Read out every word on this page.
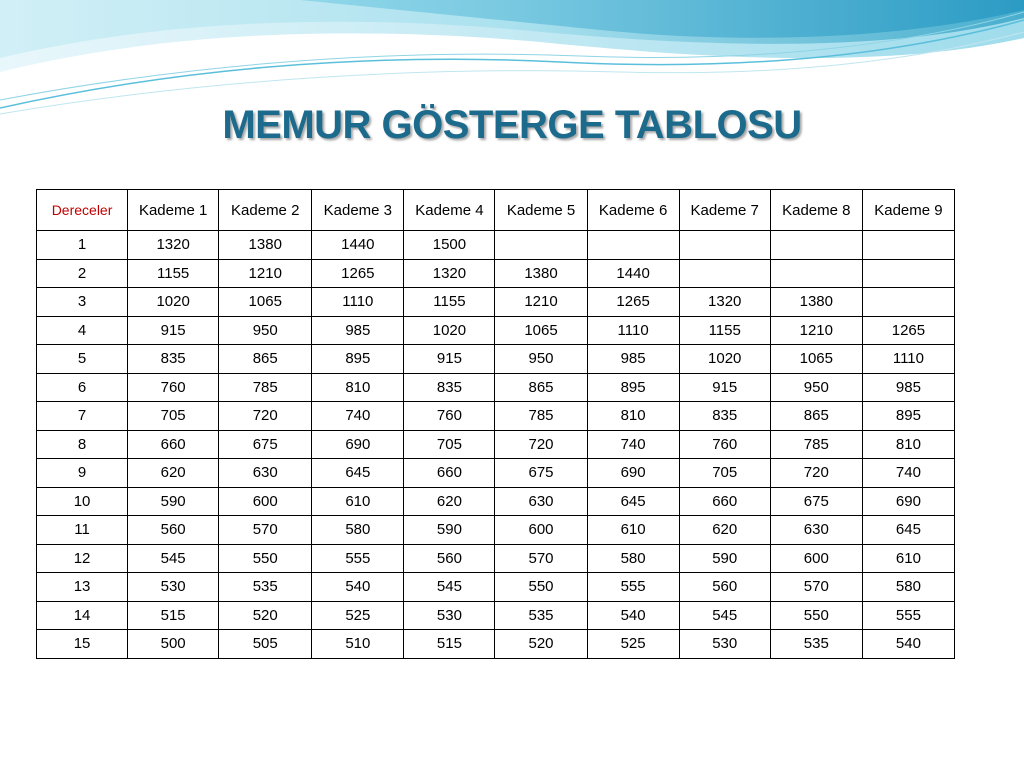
MEMUR GÖSTERGE TABLOSU
Dereceler	Kademe 1	Kademe 2	Kademe 3	Kademe 4	Kademe 5	Kademe 6	Kademe 7	Kademe 8	Kademe 9
1	1320	1380	1440	1500					
2	1155	1210	1265	1320	1380	1440			
3	1020	1065	1110	1155	1210	1265	1320	1380	
4	915	950	985	1020	1065	1110	1155	1210	1265
5	835	865	895	915	950	985	1020	1065	1110
6	760	785	810	835	865	895	915	950	985
7	705	720	740	760	785	810	835	865	895
8	660	675	690	705	720	740	760	785	810
9	620	630	645	660	675	690	705	720	740
10	590	600	610	620	630	645	660	675	690
11	560	570	580	590	600	610	620	630	645
12	545	550	555	560	570	580	590	600	610
13	530	535	540	545	550	555	560	570	580
14	515	520	525	530	535	540	545	550	555
15	500	505	510	515	520	525	530	535	540
